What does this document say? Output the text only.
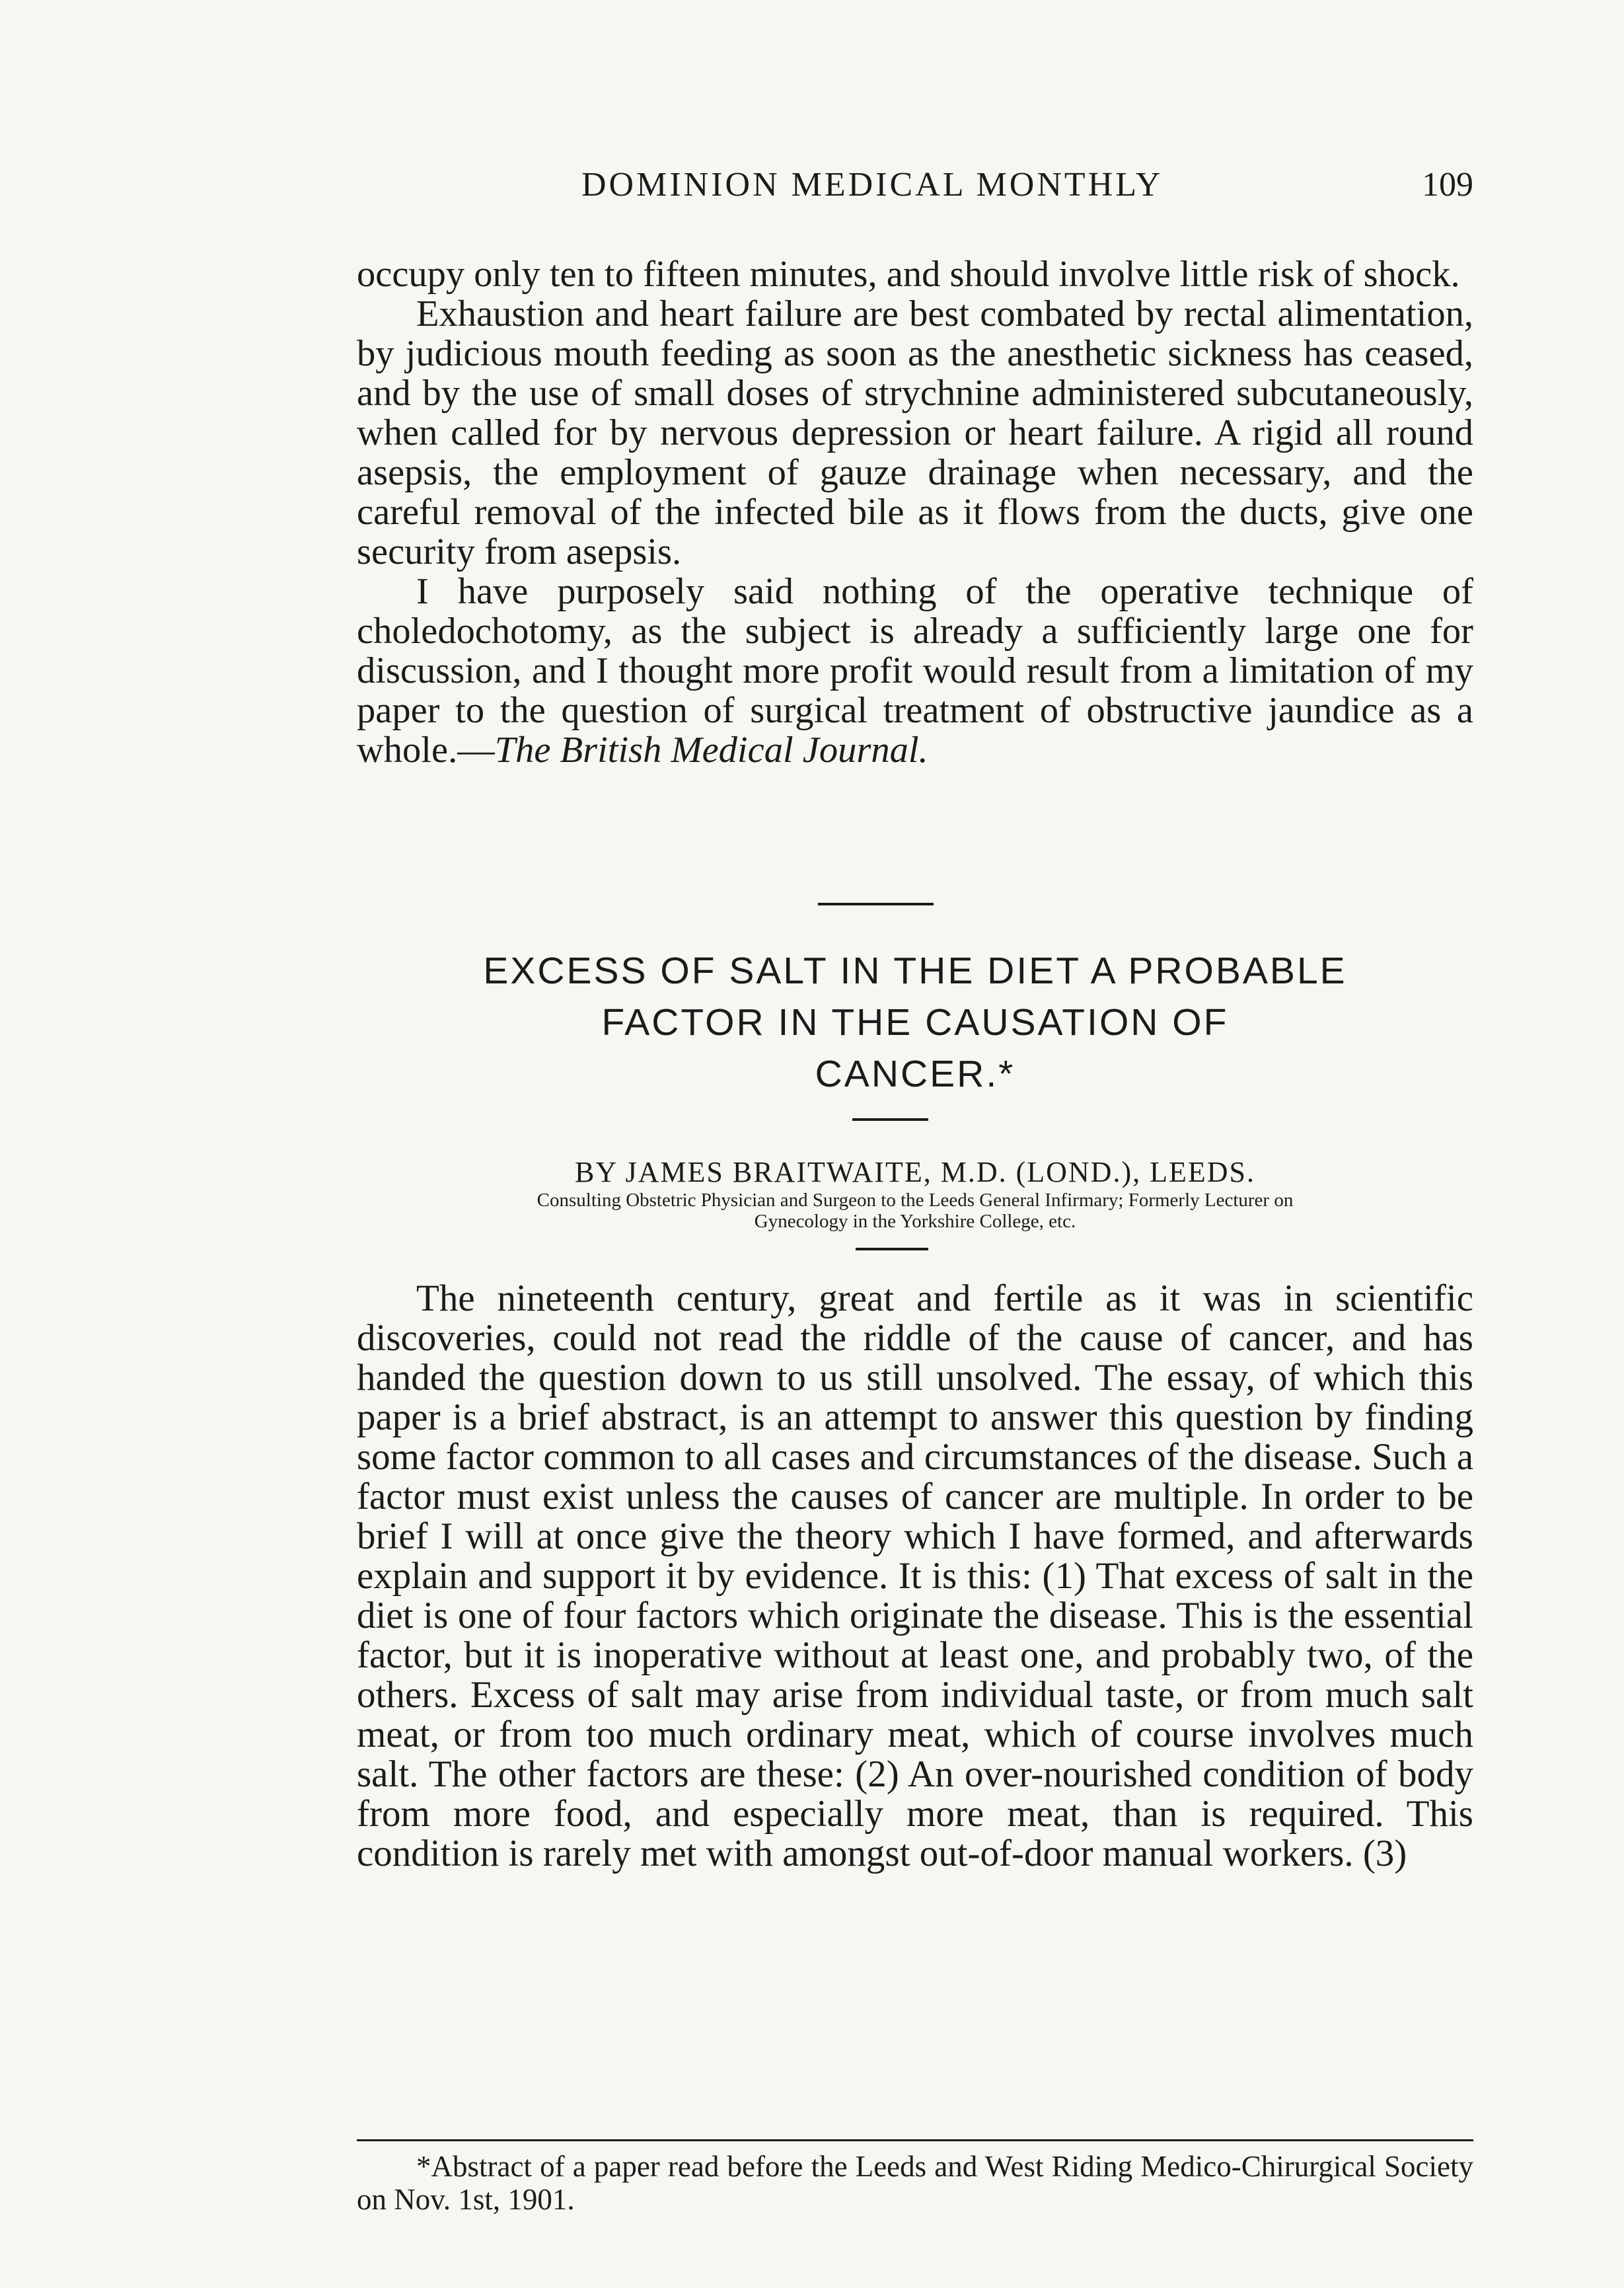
DOMINION MEDICAL MONTHLY	109

occupy only ten to fifteen minutes, and should involve little risk of shock.

Exhaustion and heart failure are best combated by rectal alimentation, by judicious mouth feeding as soon as the anesthetic sickness has ceased, and by the use of small doses of strychnine administered subcutaneously, when called for by nervous depression or heart failure. A rigid all round asepsis, the employment of gauze drainage when necessary, and the careful removal of the infected bile as it flows from the ducts, give one security from asepsis.

I have purposely said nothing of the operative technique of choledochotomy, as the subject is already a sufficiently large one for discussion, and I thought more profit would result from a limitation of my paper to the question of surgical treatment of obstructive jaundice as a whole.—The British Medical Journal.

EXCESS OF SALT IN THE DIET A PROBABLE
FACTOR IN THE CAUSATION OF
CANCER.*
BY JAMES BRAITWAITE, M.D. (LOND.), LEEDS.
Consulting Obstetric Physician and Surgeon to the Leeds General Infirmary; Formerly Lecturer on
Gynecology in the Yorkshire College, etc.

The nineteenth century, great and fertile as it was in scientific discoveries, could not read the riddle of the cause of cancer, and has handed the question down to us still unsolved. The essay, of which this paper is a brief abstract, is an attempt to answer this question by finding some factor common to all cases and circumstances of the disease. Such a factor must exist unless the causes of cancer are multiple. In order to be brief I will at once give the theory which I have formed, and afterwards explain and support it by evidence. It is this: (1) That excess of salt in the diet is one of four factors which originate the disease. This is the essential factor, but it is inoperative without at least one, and probably two, of the others. Excess of salt may arise from individual taste, or from much salt meat, or from too much ordinary meat, which of course involves much salt. The other factors are these: (2) An over-nourished condition of body from more food, and especially more meat, than is required. This condition is rarely met with amongst out-of-door manual workers. (3)

*Abstract of a paper read before the Leeds and West Riding Medico-Chirurgical Society on Nov. 1st, 1901.
